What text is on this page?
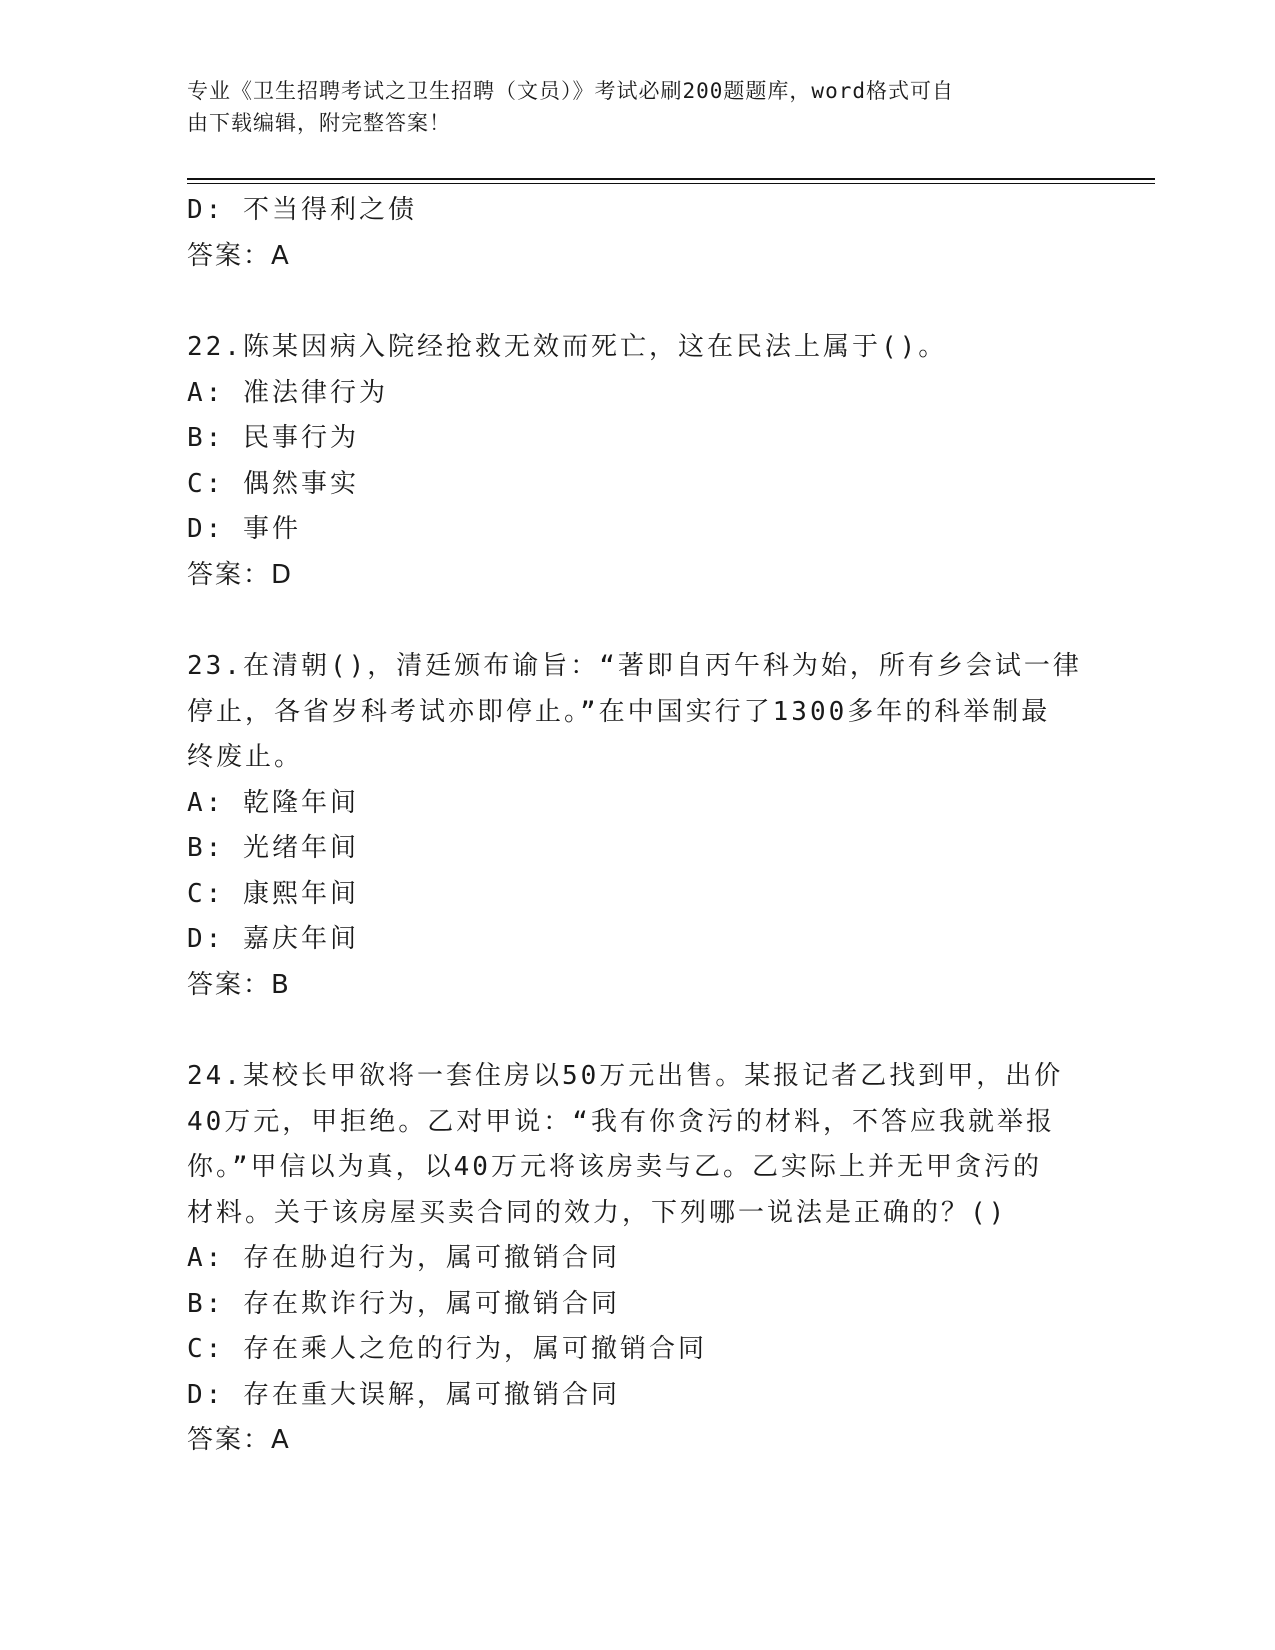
专业《卫生招聘考试之卫生招聘（文员）》考试必刷200题题库，word格式可自
由下载编辑，附完整答案！
D: 不当得利之债
答案：A
22.陈某因病入院经抢救无效而死亡，这在民法上属于()。
A: 准法律行为
B: 民事行为
C: 偶然事实
D: 事件
答案：D
23.在清朝()，清廷颁布谕旨：“著即自丙午科为始，所有乡会试一律
停止，各省岁科考试亦即停止。”在中国实行了1300多年的科举制最
终废止。
A: 乾隆年间
B: 光绪年间
C: 康熙年间
D: 嘉庆年间
答案：B
24.某校长甲欲将一套住房以50万元出售。某报记者乙找到甲，出价
40万元，甲拒绝。乙对甲说：“我有你贪污的材料，不答应我就举报
你。”甲信以为真，以40万元将该房卖与乙。乙实际上并无甲贪污的
材料。关于该房屋买卖合同的效力，下列哪一说法是正确的？()
A: 存在胁迫行为，属可撤销合同
B: 存在欺诈行为，属可撤销合同
C: 存在乘人之危的行为，属可撤销合同
D: 存在重大误解，属可撤销合同
答案：A
